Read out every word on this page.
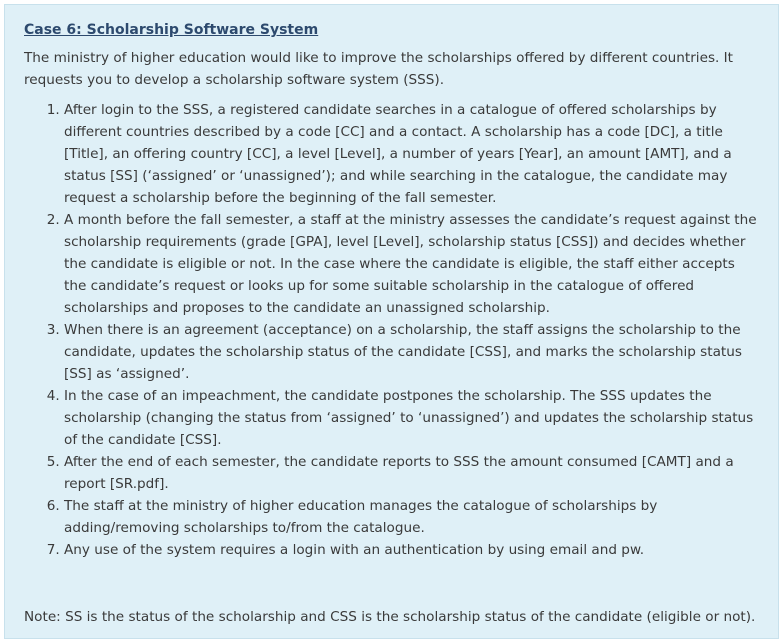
Case 6: Scholarship Software System

The ministry of higher education would like to improve the scholarships offered by different countries. It requests you to develop a scholarship software system (SSS).

1. After login to the SSS, a registered candidate searches in a catalogue of offered scholarships by different countries described by a code [CC] and a contact. A scholarship has a code [DC], a title [Title], an offering country [CC], a level [Level], a number of years [Year], an amount [AMT], and a status [SS] (‘assigned’ or ‘unassigned’); and while searching in the catalogue, the candidate may request a scholarship before the beginning of the fall semester.
2. A month before the fall semester, a staff at the ministry assesses the candidate’s request against the scholarship requirements (grade [GPA], level [Level], scholarship status [CSS]) and decides whether the candidate is eligible or not. In the case where the candidate is eligible, the staff either accepts the candidate’s request or looks up for some suitable scholarship in the catalogue of offered scholarships and proposes to the candidate an unassigned scholarship.
3. When there is an agreement (acceptance) on a scholarship, the staff assigns the scholarship to the candidate, updates the scholarship status of the candidate [CSS], and marks the scholarship status [SS] as ‘assigned’.
4. In the case of an impeachment, the candidate postpones the scholarship. The SSS updates the scholarship (changing the status from ‘assigned’ to ‘unassigned’) and updates the scholarship status of the candidate [CSS].
5. After the end of each semester, the candidate reports to SSS the amount consumed [CAMT] and a report [SR.pdf].
6. The staff at the ministry of higher education manages the catalogue of scholarships by adding/removing scholarships to/from the catalogue.
7. Any use of the system requires a login with an authentication by using email and pw.

Note: SS is the status of the scholarship and CSS is the scholarship status of the candidate (eligible or not).
